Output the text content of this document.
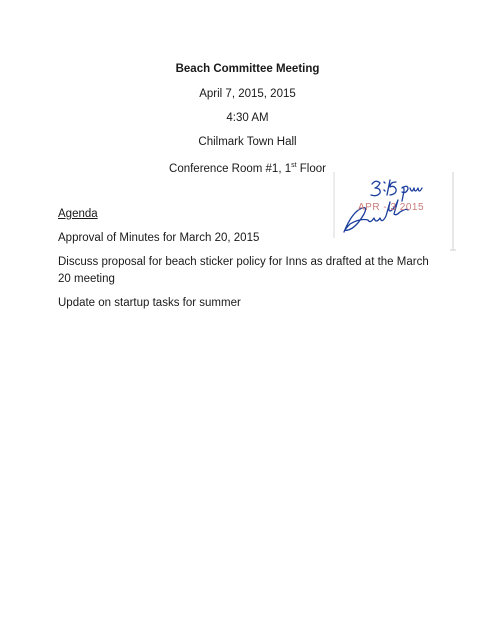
Beach Committee Meeting
April 7, 2015, 2015
4:30 AM
Chilmark Town Hall
Conference Room #1, 1st Floor
Agenda
Approval of Minutes for March 20, 2015
Discuss proposal for beach sticker policy for Inns as drafted at the March 20 meeting
Update on startup tasks for summer
APR - 3 2015
